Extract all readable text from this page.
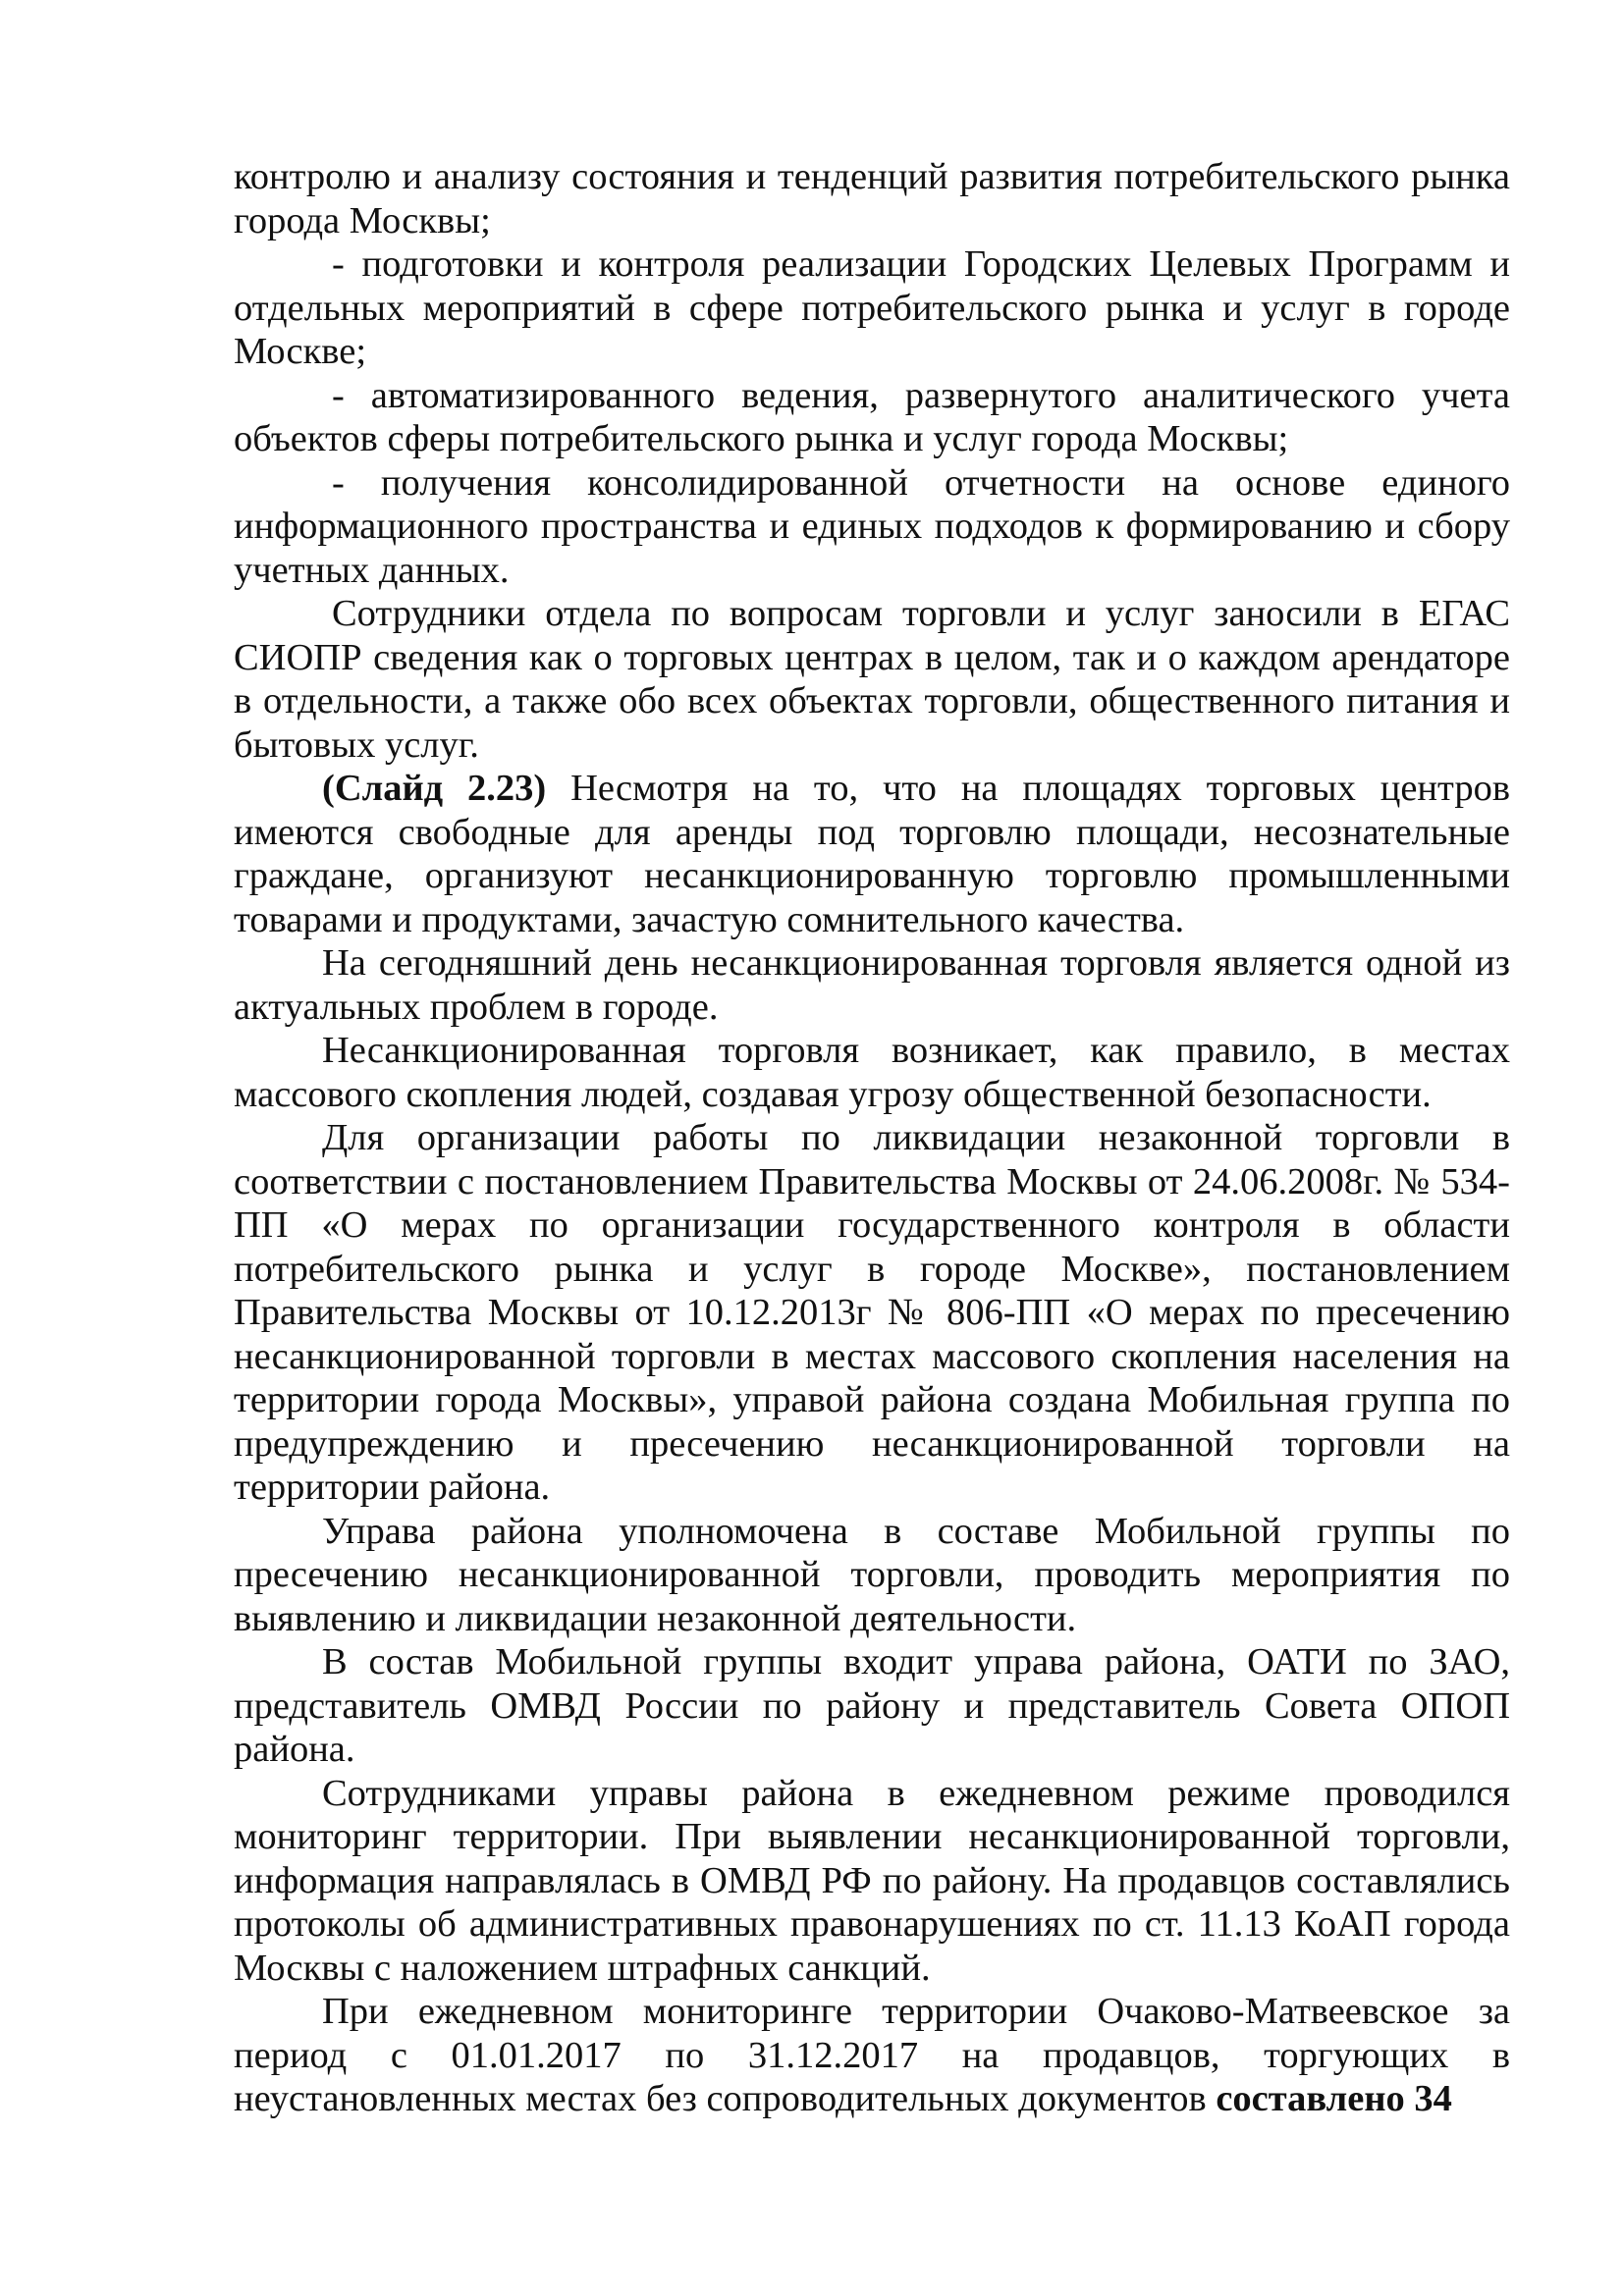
контролю и анализу состояния и тенденций развития потребительского рынка города Москвы;

- подготовки и контроля реализации Городских Целевых Программ и отдельных мероприятий в сфере потребительского рынка и услуг в городе Москве;

- автоматизированного ведения, развернутого аналитического учета объектов сферы потребительского рынка и услуг города Москвы;

- получения консолидированной отчетности на основе единого информационного пространства и единых подходов к формированию и сбору учетных данных.

Сотрудники отдела по вопросам торговли и услуг заносили в ЕГАС СИОПР сведения как о торговых центрах в целом, так и о каждом арендаторе в отдельности, а также обо всех объектах торговли, общественного питания и бытовых услуг.

(Слайд 2.23) Несмотря на то, что на площадях торговых центров имеются свободные для аренды под торговлю площади, несознательные граждане, организуют несанкционированную торговлю промышленными товарами и продуктами, зачастую сомнительного качества.

На сегодняшний день несанкционированная торговля является одной из актуальных проблем в городе.

Несанкционированная торговля возникает, как правило, в местах массового скопления людей, создавая угрозу общественной безопасности.

Для организации работы по ликвидации незаконной торговли в соответствии с постановлением Правительства Москвы от 24.06.2008г. № 534-ПП «О мерах по организации государственного контроля в области потребительского рынка и услуг в городе Москве», постановлением Правительства Москвы от 10.12.2013г № 806-ПП «О мерах по пресечению несанкционированной торговли в местах массового скопления населения на территории города Москвы», управой района создана Мобильная группа по предупреждению и пресечению несанкционированной торговли на территории района.

Управа района уполномочена в составе Мобильной группы по пресечению несанкционированной торговли, проводить мероприятия по выявлению и ликвидации незаконной деятельности.

В состав Мобильной группы входит управа района, ОАТИ по ЗАО, представитель ОМВД России по району и представитель Совета ОПОП района.

Сотрудниками управы района в ежедневном режиме проводился мониторинг территории. При выявлении несанкционированной торговли, информация направлялась в ОМВД РФ по району. На продавцов составлялись протоколы об административных правонарушениях по ст. 11.13 КоАП города Москвы с наложением штрафных санкций.

При ежедневном мониторинге территории Очаково-Матвеевское за период с 01.01.2017 по 31.12.2017 на продавцов, торгующих в неустановленных местах без сопроводительных документов составлено 34
